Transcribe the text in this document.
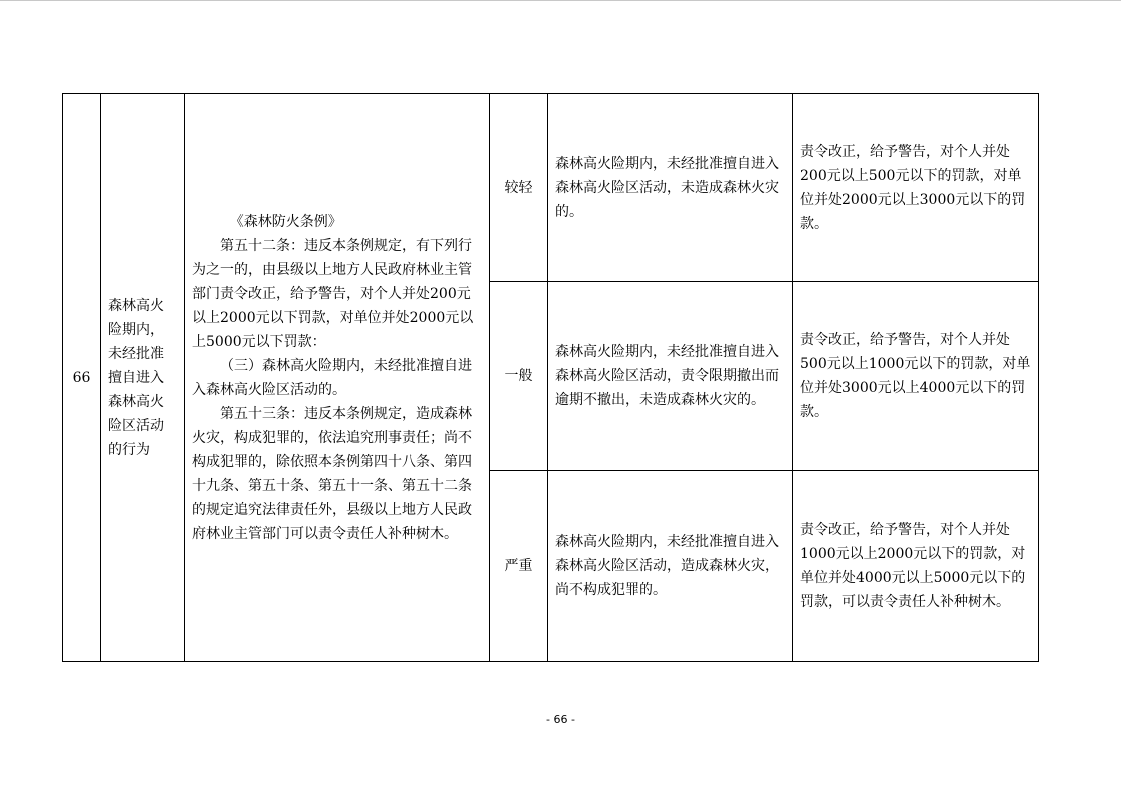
66	森林高火险期内，未经批准擅自进入森林高火险区活动的行为	《森林防火条例》
第五十二条：违反本条例规定，有下列行为之一的，由县级以上地方人民政府林业主管部门责令改正，给予警告，对个人并处200元以上2000元以下罚款，对单位并处2000元以上5000元以下罚款：
（三）森林高火险期内，未经批准擅自进入森林高火险区活动的。
第五十三条：违反本条例规定，造成森林火灾，构成犯罪的，依法追究刑事责任；尚不构成犯罪的，除依照本条例第四十八条、第四十九条、第五十条、第五十一条、第五十二条的规定追究法律责任外，县级以上地方人民政府林业主管部门可以责令责任人补种树木。	较轻	森林高火险期内，未经批准擅自进入森林高火险区活动，未造成森林火灾的。	责令改正，给予警告，对个人并处200元以上500元以下的罚款，对单位并处2000元以上3000元以下的罚款。
			一般	森林高火险期内，未经批准擅自进入森林高火险区活动，责令限期撤出而逾期不撤出，未造成森林火灾的。	责令改正，给予警告，对个人并处500元以上1000元以下的罚款，对单位并处3000元以上4000元以下的罚款。
			严重	森林高火险期内，未经批准擅自进入森林高火险区活动，造成森林火灾，尚不构成犯罪的。	责令改正，给予警告，对个人并处1000元以上2000元以下的罚款，对单位并处4000元以上5000元以下的罚款，可以责令责任人补种树木。
- 66 -
